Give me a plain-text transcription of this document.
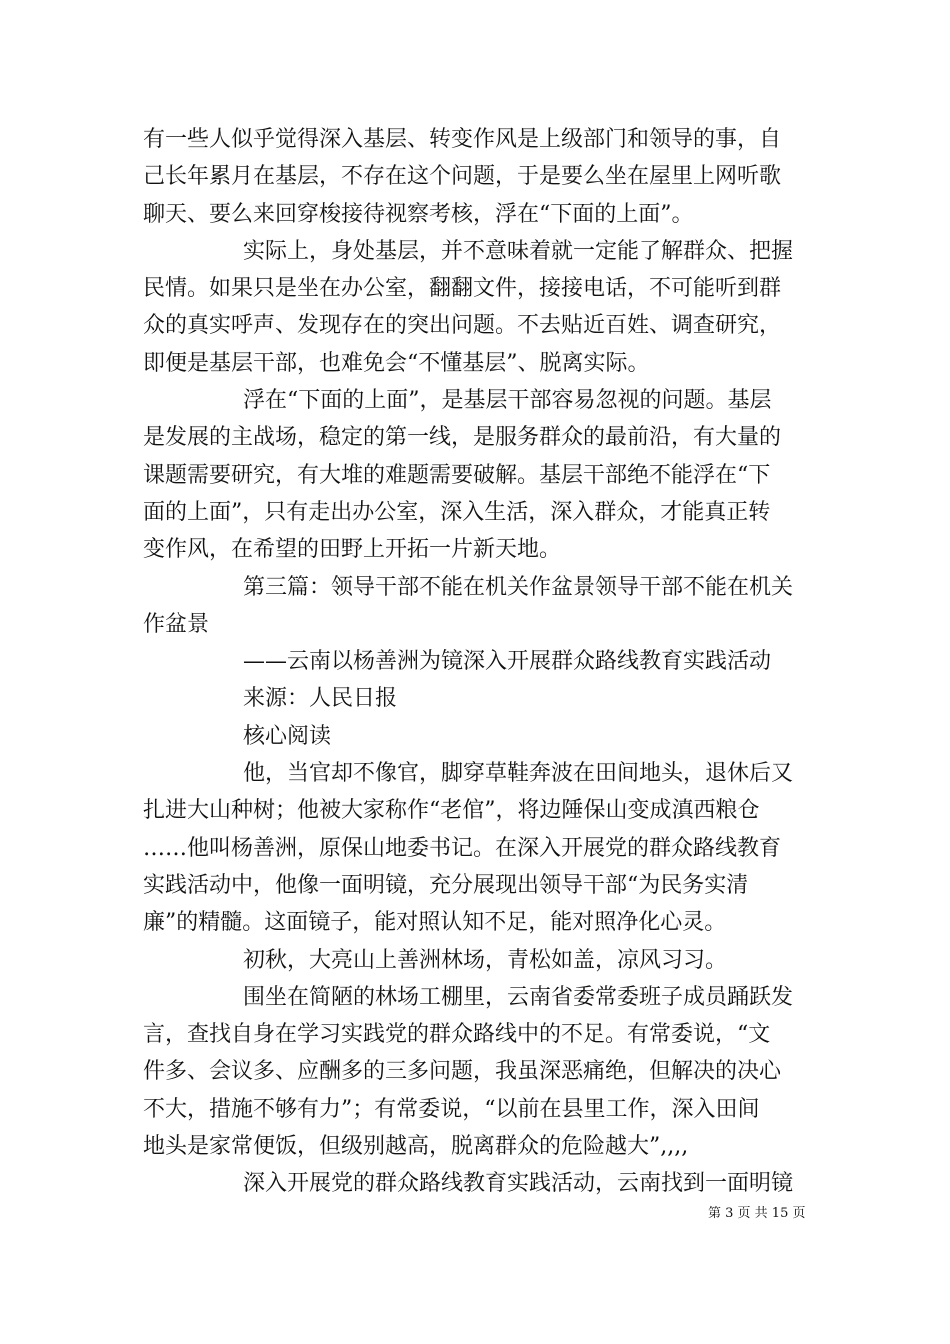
有一些人似乎觉得深入基层、转变作风是上级部门和领导的事，自
己长年累月在基层，不存在这个问题，于是要么坐在屋里上网听歌
聊天、要么来回穿梭接待视察考核，浮在“下面的上面”。
实际上，身处基层，并不意味着就一定能了解群众、把握
民情。如果只是坐在办公室，翻翻文件，接接电话，不可能听到群
众的真实呼声、发现存在的突出问题。不去贴近百姓、调查研究，
即便是基层干部，也难免会“不懂基层”、脱离实际。
浮在“下面的上面”，是基层干部容易忽视的问题。基层
是发展的主战场，稳定的第一线，是服务群众的最前沿，有大量的
课题需要研究，有大堆的难题需要破解。基层干部绝不能浮在“下
面的上面”，只有走出办公室，深入生活，深入群众，才能真正转
变作风，在希望的田野上开拓一片新天地。
第三篇：领导干部不能在机关作盆景领导干部不能在机关
作盆景
——云南以杨善洲为镜深入开展群众路线教育实践活动
来源：人民日报
核心阅读
他，当官却不像官，脚穿草鞋奔波在田间地头，退休后又
扎进大山种树；他被大家称作“老倌”，将边陲保山变成滇西粮仓
……他叫杨善洲，原保山地委书记。在深入开展党的群众路线教育
实践活动中，他像一面明镜，充分展现出领导干部“为民务实清
廉”的精髓。这面镜子，能对照认知不足，能对照净化心灵。
初秋，大亮山上善洲林场，青松如盖，凉风习习。
围坐在简陋的林场工棚里，云南省委常委班子成员踊跃发
言，查找自身在学习实践党的群众路线中的不足。有常委说，“文
件多、会议多、应酬多的三多问题，我虽深恶痛绝，但解决的决心
不大，措施不够有力”；有常委说，“以前在县里工作，深入田间
地头是家常便饭，但级别越高，脱离群众的危险越大”,,,,
深入开展党的群众路线教育实践活动，云南找到一面明镜
第 3 页 共 15 页
